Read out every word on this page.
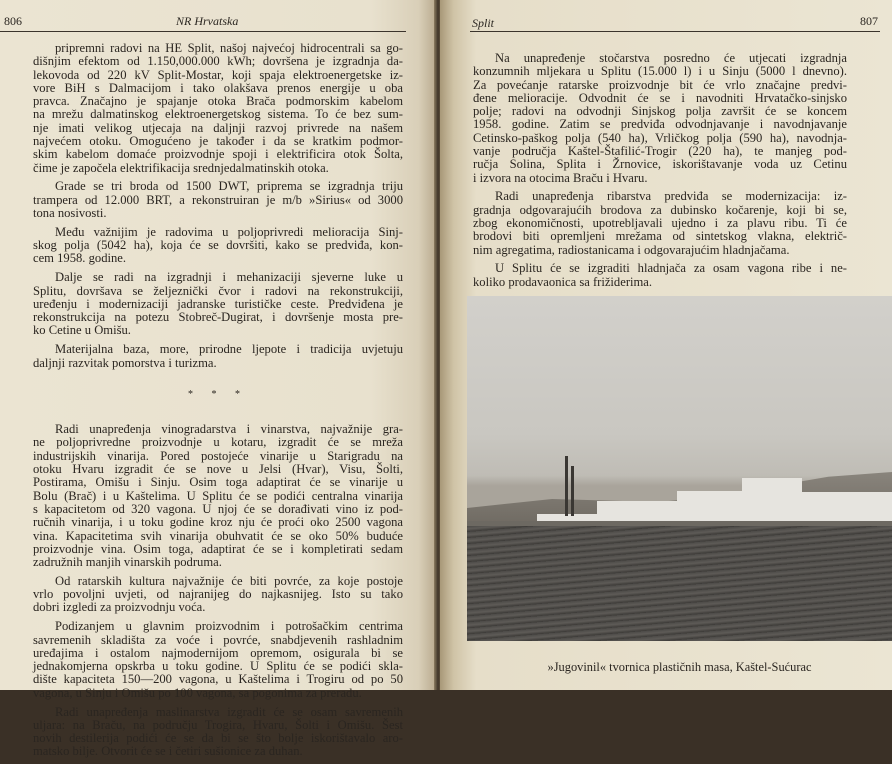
806	NR Hrvatska
pripremni radovi na HE Split, našoj najvećoj hidrocentrali sa go-
dišnjim efektom od 1.150,000.000 kWh; dovršena je izgradnja da-
lekovoda od 220 kV Split-Mostar, koji spaja elektroenergetske iz-
vore BiH s Dalmacijom i tako olakšava prenos energije u oba
pravca. Značajno je spajanje otoka Brača podmorskim kabelom
na mrežu dalmatinskog elektroenergetskog sistema. To će bez sum-
nje imati velikog utjecaja na daljnji razvoj privrede na našem
najvećem otoku. Omogućeno je također i da se kratkim podmor-
skim kabelom domaće proizvodnje spoji i elektrificira otok Šolta,
čime je započela elektrifikacija srednjedalmatinskih otoka.
Grade se tri broda od 1500 DWT, priprema se izgradnja triju
trampera od 12.000 BRT, a rekonstruiran je m/b »Sirius« od 3000
tona nosivosti.
Među važnijim je radovima u poljoprivredi melioracija Sinj-
skog polja (5042 ha), koja će se dovršiti, kako se predviđa, kon-
cem 1958. godine.
Dalje se radi na izgradnji i mehanizaciji sjeverne luke u
Splitu, dovršava se željeznički čvor i radovi na rekonstrukciji,
uređenju i modernizaciji jadranske turističke ceste. Predviđena je
rekonstrukcija na potezu Stobreč-Dugirat, i dovršenje mosta pre-
ko Cetine u Omišu.
Materijalna baza, more, prirodne ljepote i tradicija uvjetuju
daljnji razvitak pomorstva i turizma.
* * *
Radi unapređenja vinogradarstva i vinarstva, najvažnije gra-
ne poljoprivredne proizvodnje u kotaru, izgradit će se mreža
industrijskih vinarija. Pored postojeće vinarije u Starigradu na
otoku Hvaru izgradit će se nove u Jelsi (Hvar), Visu, Šolti,
Postirama, Omišu i Sinju. Osim toga adaptirat će se vinarije u
Bolu (Brač) i u Kaštelima. U Splitu će se podići centralna vinarija
s kapacitetom od 320 vagona. U njoj će se dorađivati vino iz pod-
ručnih vinarija, i u toku godine kroz nju će proći oko 2500 vagona
vina. Kapacitetima svih vinarija obuhvatit će se oko 50% buduće
proizvodnje vina. Osim toga, adaptirat će se i kompletirati sedam
zadružnih manjih vinarskih podruma.
Od ratarskih kultura najvažnije će biti povrće, za koje postoje
vrlo povoljni uvjeti, od najranijeg do najkasnijeg. Isto su tako
dobri izgledi za proizvodnju voća.
Podizanjem u glavnim proizvodnim i potrošačkim centrima
savremenih skladišta za voće i povrće, snabdjevenih rashladnim
uređajima i ostalom najmodernijom opremom, osigurala bi se
jednakomjerna opskrba u toku godine. U Splitu će se podići skla-
dište kapaciteta 150—200 vagona, u Kaštelima i Trogiru od po 50
vagona, u Sinju i Omišu po 100 vagona, sa pogonima za preradu.
Radi unapređenja maslinarstva izgradit će se osam savremenih
uljara: na Braču, na području Trogira, Hvaru, Šolti i Omišu. Šest
novih destilerija podići će se da bi se što bolje iskorištavalo aro-
matsko bilje. Otvorit će se i četiri sušionice za duhan.
Split	807
Na unapređenje stočarstva posredno će utjecati izgradnja
konzumnih mljekara u Splitu (15.000 l) i u Sinju (5000 l dnevno).
Za povećanje ratarske proizvodnje bit će vrlo značajne predvi-
đene melioracije. Odvodnit će se i navodniti Hrvatačko-sinjsko
polje; radovi na odvodnji Sinjskog polja završit će se koncem
1958. godine. Zatim se predviđa odvodnjavanje i navodnjavanje
Cetinsko-paškog polja (540 ha), Vrličkog polja (590 ha), navodnja-
vanje područja Kaštel-Štafilić-Trogir (220 ha), te manjeg pod-
ručja Solina, Splita i Žrnovice, iskorištavanje voda uz Cetinu
i izvora na otocima Braču i Hvaru.
Radi unapređenja ribarstva predviđa se modernizacija: iz-
gradnja odgovarajućih brodova za dubinsko kočarenje, koji bi se,
zbog ekonomičnosti, upotrebljavali ujedno i za plavu ribu. Ti će
brodovi biti opremljeni mrežama od sintetskog vlakna, električ-
nim agregatima, radiostanicama i odgovarajućim hladnjačama.
U Splitu će se izgraditi hladnjača za osam vagona ribe i ne-
koliko prodavaonica sa frižiderima.
»Jugovinil« tvornica plastičnih masa, Kaštel-Sućurac
